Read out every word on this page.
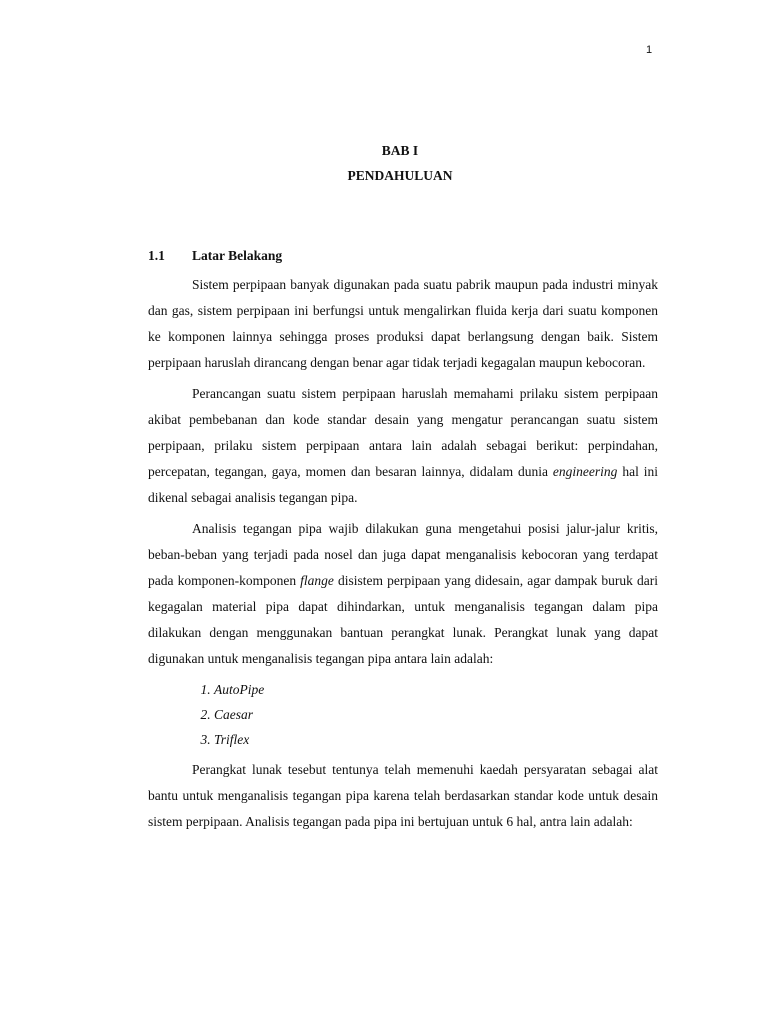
1
BAB I
PENDAHULUAN
1.1 Latar Belakang

Sistem perpipaan banyak digunakan pada suatu pabrik maupun pada industri minyak dan gas, sistem perpipaan ini berfungsi untuk mengalirkan fluida kerja dari suatu komponen ke komponen lainnya sehingga proses produksi dapat berlangsung dengan baik. Sistem perpipaan haruslah dirancang dengan benar agar tidak terjadi kegagalan maupun kebocoran.

Perancangan suatu sistem perpipaan haruslah memahami prilaku sistem perpipaan akibat pembebanan dan kode standar desain yang mengatur perancangan suatu sistem perpipaan, prilaku sistem perpipaan antara lain adalah sebagai berikut: perpindahan, percepatan, tegangan, gaya, momen dan besaran lainnya, didalam dunia engineering hal ini dikenal sebagai analisis tegangan pipa.

Analisis tegangan pipa wajib dilakukan guna mengetahui posisi jalur-jalur kritis, beban-beban yang terjadi pada nosel dan juga dapat menganalisis kebocoran yang terdapat pada komponen-komponen flange disistem perpipaan yang didesain, agar dampak buruk dari kegagalan material pipa dapat dihindarkan, untuk menganalisis tegangan dalam pipa dilakukan dengan menggunakan bantuan perangkat lunak. Perangkat lunak yang dapat digunakan untuk menganalisis tegangan pipa antara lain adalah:

1. AutoPipe
2. Caesar
3. Triflex

Perangkat lunak tesebut tentunya telah memenuhi kaedah persyaratan sebagai alat bantu untuk menganalisis tegangan pipa karena telah berdasarkan standar kode untuk desain sistem perpipaan. Analisis tegangan pada pipa ini bertujuan untuk 6 hal, antra lain adalah:
